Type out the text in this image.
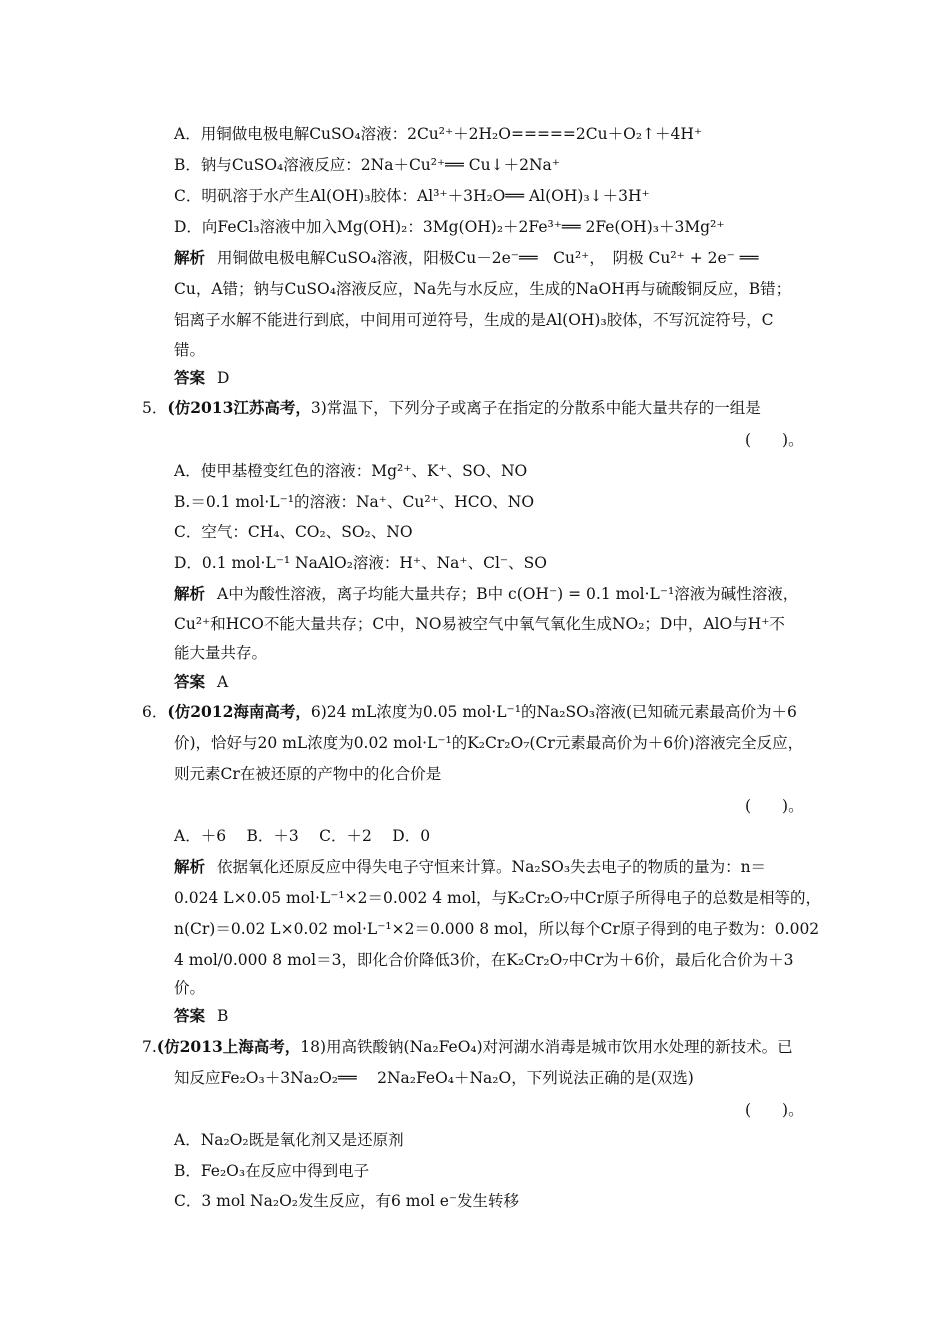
A．用铜做电极电解CuSO₄溶液：2Cu²⁺＋2H₂O=====2Cu＋O₂↑＋4H⁺
B．钠与CuSO₄溶液反应：2Na＋Cu²⁺══ Cu↓＋2Na⁺
C．明矾溶于水产生Al(OH)₃胶体：Al³⁺＋3H₂O══ Al(OH)₃↓＋3H⁺
D．向FeCl₃溶液中加入Mg(OH)₂：3Mg(OH)₂＋2Fe³⁺══ 2Fe(OH)₃＋3Mg²⁺
解析 用铜做电极电解CuSO₄溶液，阳极Cu－2e⁻══　Cu²⁺，　阴极 Cu²⁺ + 2e⁻ ══
Cu，A错；钠与CuSO₄溶液反应，Na先与水反应，生成的NaOH再与硫酸铜反应，B错；
铝离子水解不能进行到底，中间用可逆符号，生成的是Al(OH)₃胶体，不写沉淀符号，C
错。
答案 D
5．(仿2013江苏高考，3)常温下，下列分子或离子在指定的分散系中能大量共存的一组是
(　　)。
A．使甲基橙变红色的溶液：Mg²⁺、K⁺、SO、NO
B.＝0.1 mol·L⁻¹的溶液：Na⁺、Cu²⁺、HCO、NO
C．空气：CH₄、CO₂、SO₂、NO
D．0.1 mol·L⁻¹ NaAlO₂溶液：H⁺、Na⁺、Cl⁻、SO
解析 A中为酸性溶液，离子均能大量共存；B中 c(OH⁻) = 0.1 mol·L⁻¹溶液为碱性溶液，
Cu²⁺和HCO不能大量共存；C中，NO易被空气中氧气氧化生成NO₂；D中，AlO与H⁺不
能大量共存。
答案 A
6．(仿2012海南高考，6)24 mL浓度为0.05 mol·L⁻¹的Na₂SO₃溶液(已知硫元素最高价为＋6
价)，恰好与20 mL浓度为0.02 mol·L⁻¹的K₂Cr₂O₇(Cr元素最高价为＋6价)溶液完全反应，
则元素Cr在被还原的产物中的化合价是
(　　)。
A．＋6　 B．＋3　 C．＋2　 D．0
解析 依据氧化还原反应中得失电子守恒来计算。Na₂SO₃失去电子的物质的量为：n＝
0.024 L×0.05 mol·L⁻¹×2＝0.002 4 mol，与K₂Cr₂O₇中Cr原子所得电子的总数是相等的，
n(Cr)＝0.02 L×0.02 mol·L⁻¹×2＝0.000 8 mol，所以每个Cr原子得到的电子数为：0.002
4 mol/0.000 8 mol＝3，即化合价降低3价，在K₂Cr₂O₇中Cr为＋6价，最后化合价为＋3
价。
答案 B
7.(仿2013上海高考，18)用高铁酸钠(Na₂FeO₄)对河湖水消毒是城市饮用水处理的新技术。已
知反应Fe₂O₃＋3Na₂O₂══　 2Na₂FeO₄＋Na₂O，下列说法正确的是(双选)
(　　)。
A．Na₂O₂既是氧化剂又是还原剂
B．Fe₂O₃在反应中得到电子
C．3 mol Na₂O₂发生反应，有6 mol e⁻发生转移
